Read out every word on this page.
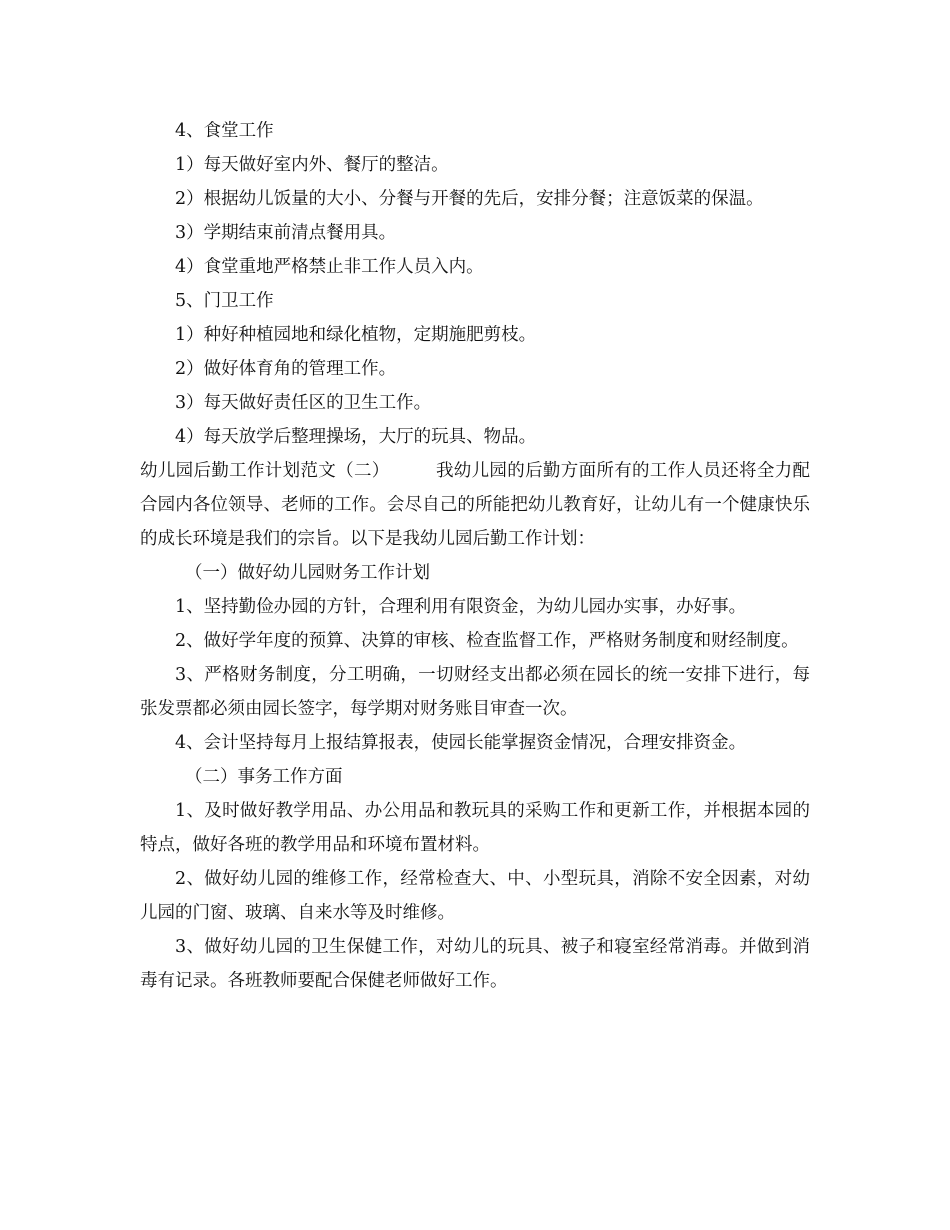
4、食堂工作
1）每天做好室内外、餐厅的整洁。
2）根据幼儿饭量的大小、分餐与开餐的先后，安排分餐；注意饭菜的保温。
3）学期结束前清点餐用具。
4）食堂重地严格禁止非工作人员入内。
5、门卫工作
1）种好种植园地和绿化植物，定期施肥剪枝。
2）做好体育角的管理工作。
3）每天做好责任区的卫生工作。
4）每天放学后整理操场，大厅的玩具、物品。

幼儿园后勤工作计划范文（二）	我幼儿园的后勤方面所有的工作人员还将全力配合园内各位领导、老师的工作。会尽自己的所能把幼儿教育好，让幼儿有一个健康快乐的成长环境是我们的宗旨。以下是我幼儿园后勤工作计划：

（一）做好幼儿园财务工作计划

1、坚持勤俭办园的方针，合理利用有限资金，为幼儿园办实事，办好事。

2、做好学年度的预算、决算的审核、检查监督工作，严格财务制度和财经制度。

3、严格财务制度，分工明确，一切财经支出都必须在园长的统一安排下进行，每张发票都必须由园长签字，每学期对财务账目审查一次。

4、会计坚持每月上报结算报表，使园长能掌握资金情况，合理安排资金。

（二）事务工作方面

1、及时做好教学用品、办公用品和教玩具的采购工作和更新工作，并根据本园的特点，做好各班的教学用品和环境布置材料。

2、做好幼儿园的维修工作，经常检查大、中、小型玩具，消除不安全因素，对幼儿园的门窗、玻璃、自来水等及时维修。

3、做好幼儿园的卫生保健工作，对幼儿的玩具、被子和寝室经常消毒。并做到消毒有记录。各班教师要配合保健老师做好工作。
